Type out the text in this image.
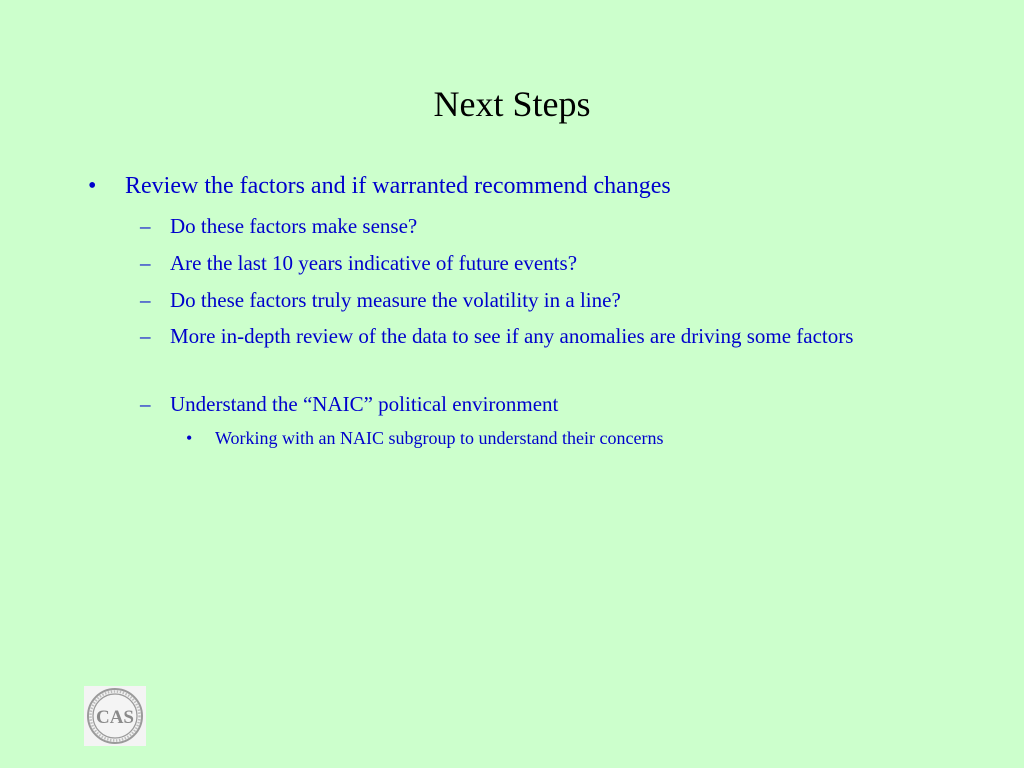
Next Steps
• Review the factors and if warranted recommend changes
– Do these factors make sense?
– Are the last 10 years indicative of future events?
– Do these factors truly measure the volatility in a line?
– More in-depth review of the data to see if any anomalies are driving some factors
– Understand the “NAIC” political environment
• Working with an NAIC subgroup to understand their concerns
CAS
